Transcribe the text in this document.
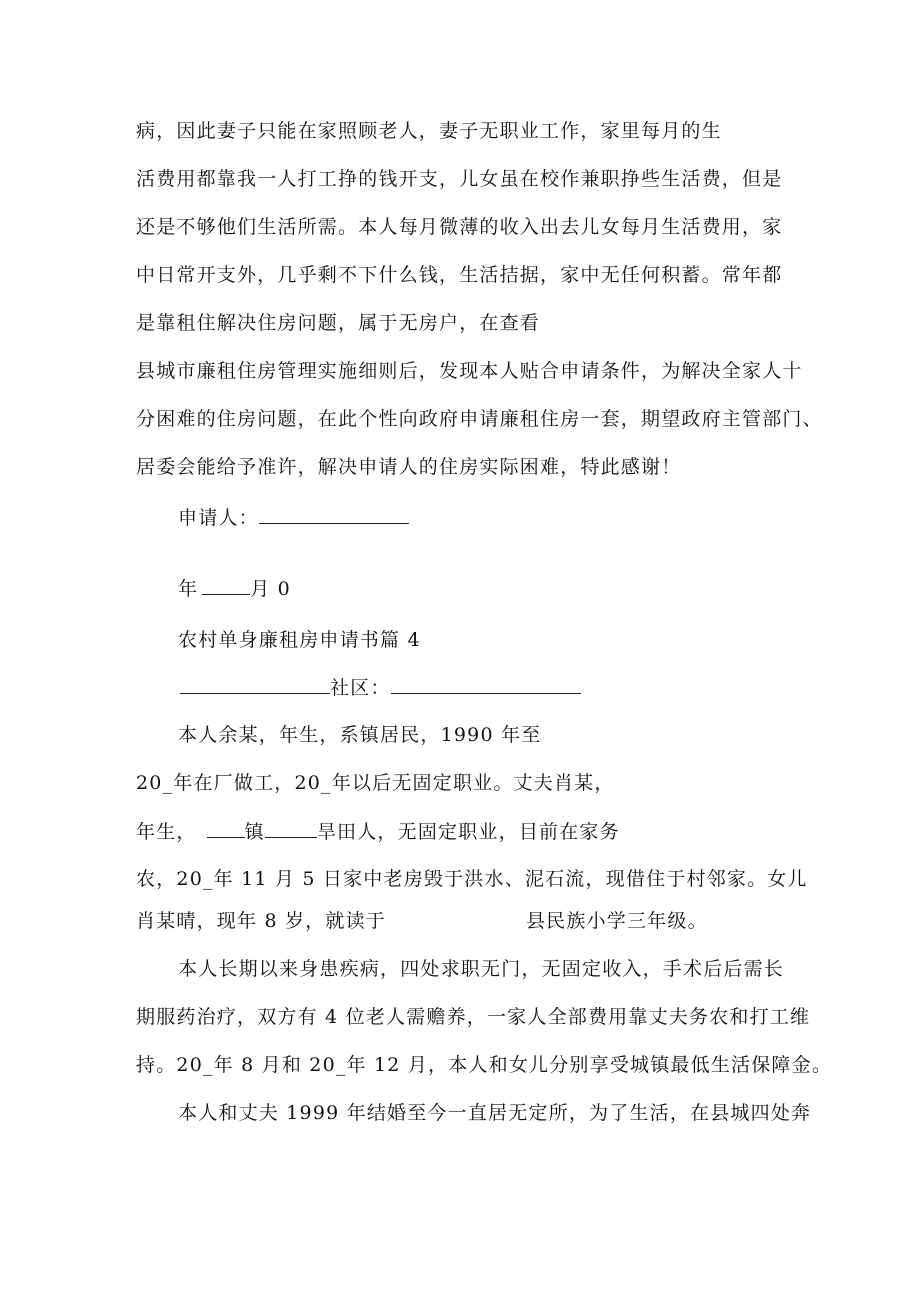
病，因此妻子只能在家照顾老人，妻子无职业工作，家里每月的生
活费用都靠我一人打工挣的钱开支，儿女虽在校作兼职挣些生活费，但是
还是不够他们生活所需。本人每月微薄的收入出去儿女每月生活费用，家
中日常开支外，几乎剩不下什么钱，生活拮据，家中无任何积蓄。常年都
是靠租住解决住房问题，属于无房户，在查看
县城市廉租住房管理实施细则后，发现本人贴合申请条件，为解决全家人十
分困难的住房问题，在此个性向政府申请廉租住房一套，期望政府主管部门、
居委会能给予准许，解决申请人的住房实际困难，特此感谢！
申请人：
年	月 0
农村单身廉租房申请书篇 4
社区：
本人余某，年生，系镇居民，1990 年至
20_年在厂做工，20_年以后无固定职业。丈夫肖某，
年生，	镇	旱田人，无固定职业，目前在家务
农，20_年 11 月 5 日家中老房毁于洪水、泥石流，现借住于村邻家。女儿
肖某晴，现年 8 岁，就读于	县民族小学三年级。
本人长期以来身患疾病，四处求职无门，无固定收入，手术后后需长
期服药治疗，双方有 4 位老人需赡养，一家人全部费用靠丈夫务农和打工维
持。20_年 8 月和 20_年 12 月，本人和女儿分别享受城镇最低生活保障金。
本人和丈夫 1999 年结婚至今一直居无定所，为了生活，在县城四处奔
